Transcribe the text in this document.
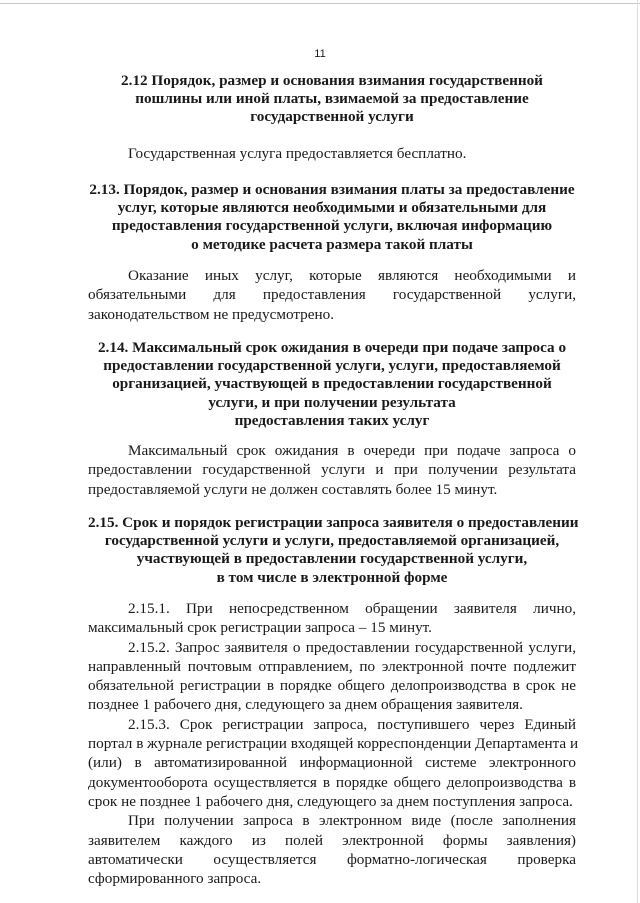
11
2.12 Порядок, размер и основания взимания государственной
пошлины или иной платы, взимаемой за предоставление
государственной услуги
Государственная услуга предоставляется бесплатно.
2.13. Порядок, размер и основания взимания платы за предоставление
услуг, которые являются необходимыми и обязательными для
предоставления государственной услуги, включая информацию
о методике расчета размера такой платы
Оказание иных услуг, которые являются необходимыми и
обязательными для предоставления государственной услуги,
законодательством не предусмотрено.
2.14. Максимальный срок ожидания в очереди при подаче запроса о
предоставлении государственной услуги, услуги, предоставляемой
организацией, участвующей в предоставлении государственной
услуги, и при получении результата
предоставления таких услуг
Максимальный срок ожидания в очереди при подаче запроса о
предоставлении государственной услуги и при получении результата
предоставляемой услуги не должен составлять более 15 минут.
2.15. Срок и порядок регистрации запроса заявителя о предоставлении
государственной услуги и услуги, предоставляемой организацией,
участвующей в предоставлении государственной услуги,
в том числе в электронной форме
2.15.1. При непосредственном обращении заявителя лично,
максимальный срок регистрации запроса – 15 минут.
2.15.2. Запрос заявителя о предоставлении государственной услуги,
направленный почтовым отправлением, по электронной почте подлежит
обязательной регистрации в порядке общего делопроизводства в срок не
позднее 1 рабочего дня, следующего за днем обращения заявителя.
2.15.3. Срок регистрации запроса, поступившего через Единый
портал в журнале регистрации входящей корреспонденции Департамента и
(или) в автоматизированной информационной системе электронного
документооборота осуществляется в порядке общего делопроизводства в
срок не позднее 1 рабочего дня, следующего за днем поступления запроса.
При получении запроса в электронном виде (после заполнения
заявителем каждого из полей электронной формы заявления)
автоматически осуществляется форматно-логическая проверка
сформированного запроса.
